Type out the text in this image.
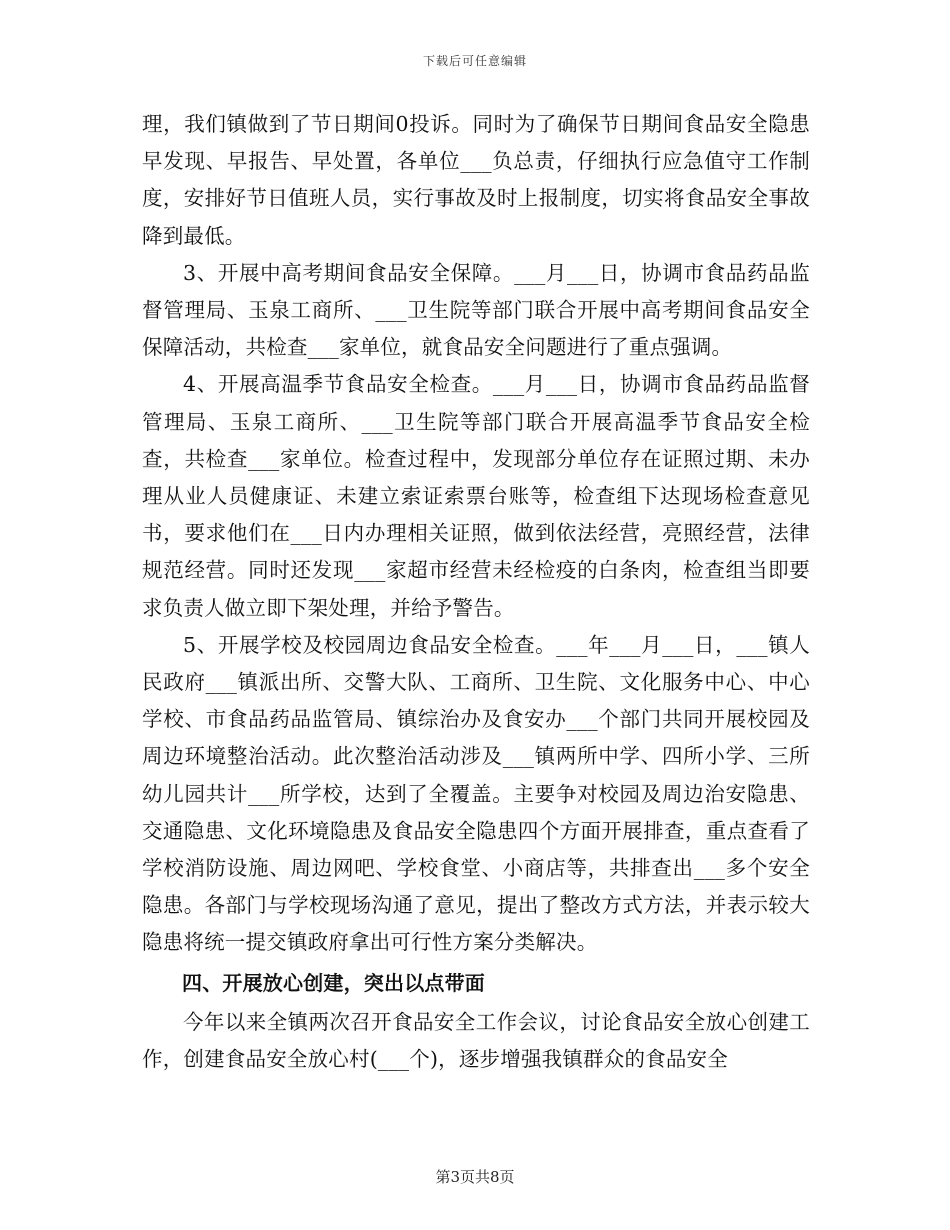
下载后可任意编辑

理，我们镇做到了节日期间0投诉。同时为了确保节日期间食品安全隐患早发现、早报告、早处置，各单位___负总责，仔细执行应急值守工作制度，安排好节日值班人员，实行事故及时上报制度，切实将食品安全事故降到最低。

3、开展中高考期间食品安全保障。___月___日，协调市食品药品监督管理局、玉泉工商所、___卫生院等部门联合开展中高考期间食品安全保障活动，共检查___家单位，就食品安全问题进行了重点强调。

4、开展高温季节食品安全检查。___月___日，协调市食品药品监督管理局、玉泉工商所、___卫生院等部门联合开展高温季节食品安全检查，共检查___家单位。检查过程中，发现部分单位存在证照过期、未办理从业人员健康证、未建立索证索票台账等，检查组下达现场检查意见书，要求他们在___日内办理相关证照，做到依法经营，亮照经营，法律规范经营。同时还发现___家超市经营未经检疫的白条肉，检查组当即要求负责人做立即下架处理，并给予警告。

5、开展学校及校园周边食品安全检查。___年___月___日，___镇人民政府___镇派出所、交警大队、工商所、卫生院、文化服务中心、中心学校、市食品药品监管局、镇综治办及食安办___个部门共同开展校园及周边环境整治活动。此次整治活动涉及___镇两所中学、四所小学、三所幼儿园共计___所学校，达到了全覆盖。主要争对校园及周边治安隐患、交通隐患、文化环境隐患及食品安全隐患四个方面开展排查，重点查看了学校消防设施、周边网吧、学校食堂、小商店等，共排查出___多个安全隐患。各部门与学校现场沟通了意见，提出了整改方式方法，并表示较大隐患将统一提交镇政府拿出可行性方案分类解决。

四、开展放心创建，突出以点带面

今年以来全镇两次召开食品安全工作会议，讨论食品安全放心创建工作，创建食品安全放心村(___个)，逐步增强我镇群众的食品安全

第3页共8页
